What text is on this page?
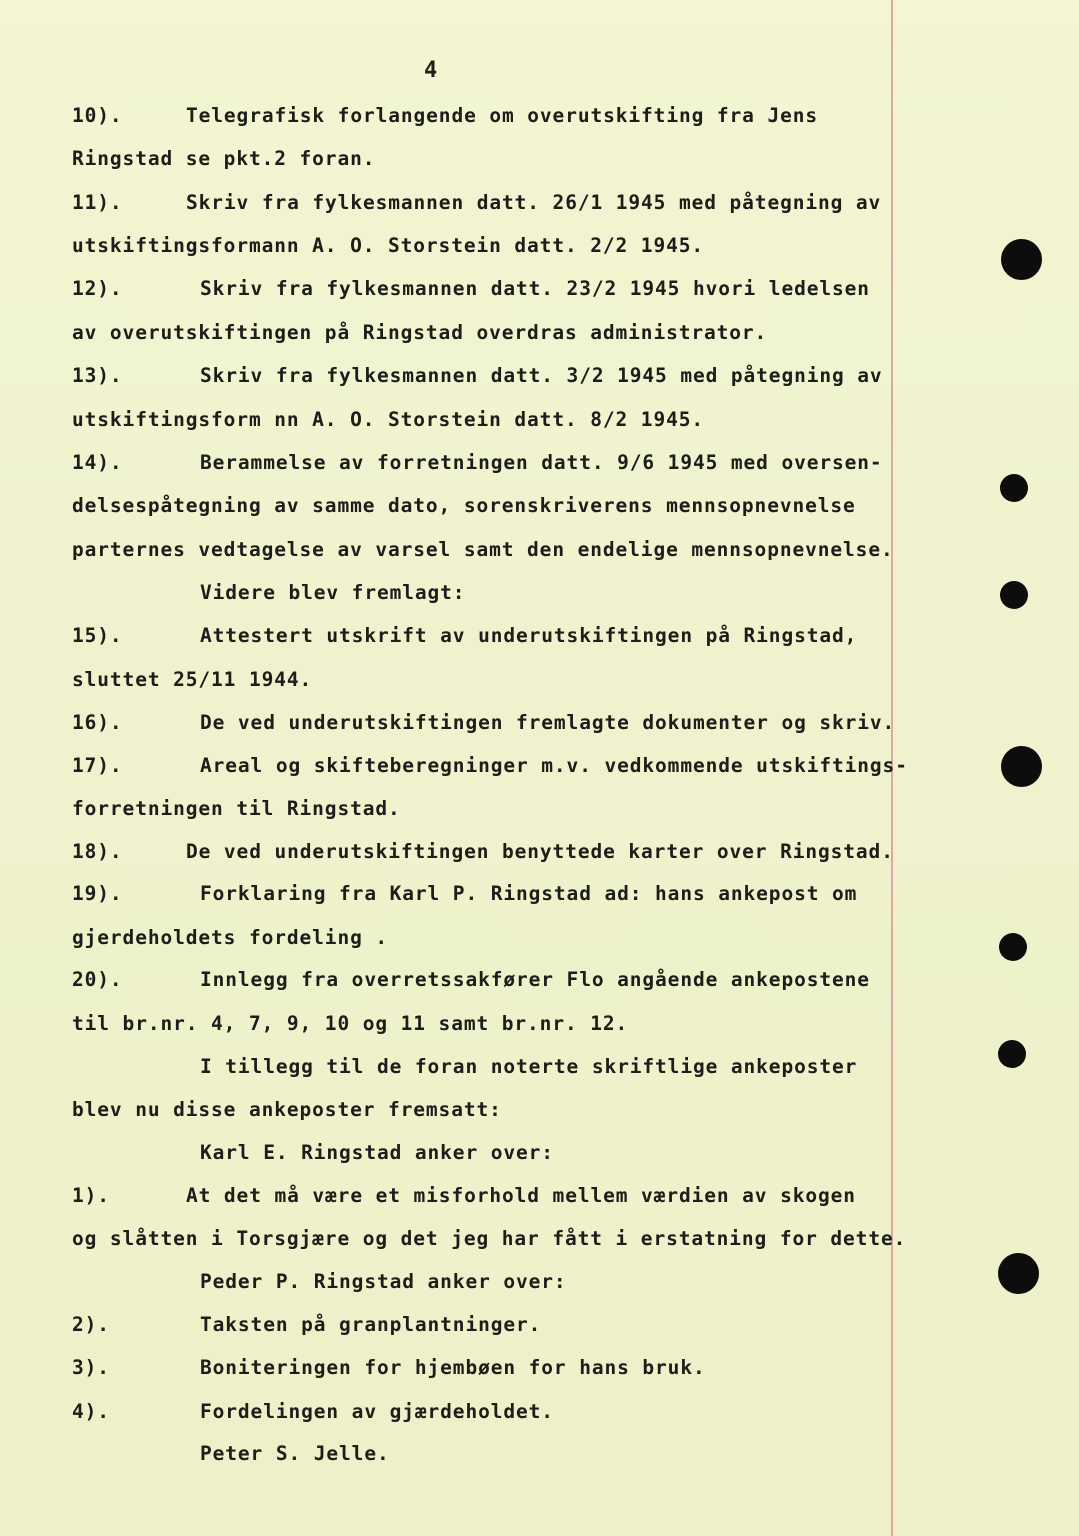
4
10).	Telegrafisk forlangende om overutskifting fra Jens
Ringstad se pkt.2 foran.
11).	Skriv fra fylkesmannen datt. 26/1 1945 med påtegning av
utskiftingsformann A. O. Storstein datt. 2/2 1945.
12).	Skriv fra fylkesmannen datt. 23/2 1945 hvori ledelsen
av overutskiftingen på Ringstad overdras administrator.
13).	Skriv fra fylkesmannen datt. 3/2 1945 med påtegning av
utskiftingsform nn A. O. Storstein datt. 8/2 1945.
14).	Berammelse av forretningen datt. 9/6 1945 med oversen-
delsespåtegning av samme dato, sorenskriverens mennsopnevnelse
parternes vedtagelse av varsel samt den endelige mennsopnevnelse.
Videre blev fremlagt:
15).	Attestert utskrift av underutskiftingen på Ringstad,
sluttet 25/11 1944.
16).	De ved underutskiftingen fremlagte dokumenter og skriv.
17).	Areal og skifteberegninger m.v. vedkommende utskiftings-
forretningen til Ringstad.
18).	De ved underutskiftingen benyttede karter over Ringstad.
19).	Forklaring fra Karl P. Ringstad ad: hans ankepost om
gjerdeholdets fordeling .
20).	Innlegg fra overretssakfører Flo angående ankepostene
til br.nr. 4, 7, 9, 10 og 11 samt br.nr. 12.
I tillegg til de foran noterte skriftlige ankeposter
blev nu disse ankeposter fremsatt:
Karl E. Ringstad anker over:
1).	At det må være et misforhold mellem værdien av skogen
og slåtten i Torsgjære og det jeg har fått i erstatning for dette.
Peder P. Ringstad anker over:
2).	Taksten på granplantninger.
3).	Boniteringen for hjembøen for hans bruk.
4).	Fordelingen av gjærdeholdet.
Peter S. Jelle.
